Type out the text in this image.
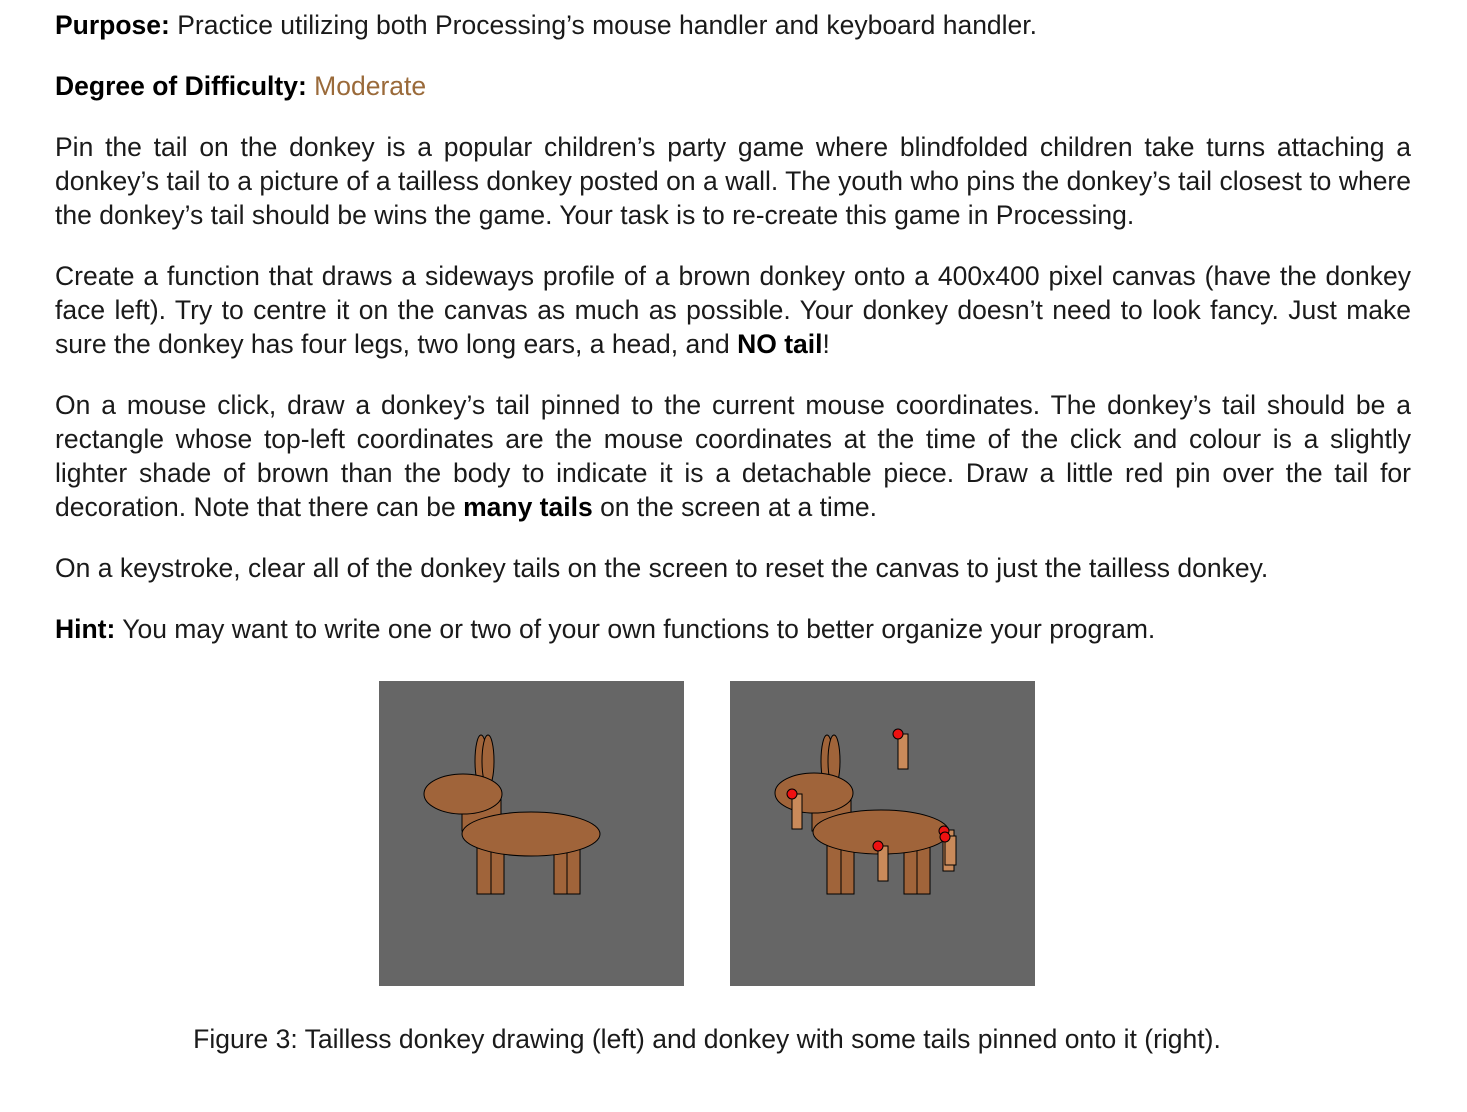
Purpose: Practice utilizing both Processing’s mouse handler and keyboard handler.

Degree of Difficulty: Moderate

Pin the tail on the donkey is a popular children’s party game where blindfolded children take turns attaching a donkey’s tail to a picture of a tailless donkey posted on a wall. The youth who pins the donkey’s tail closest to where the donkey’s tail should be wins the game. Your task is to re-create this game in Processing.

Create a function that draws a sideways profile of a brown donkey onto a 400x400 pixel canvas (have the donkey face left). Try to centre it on the canvas as much as possible. Your donkey doesn’t need to look fancy. Just make sure the donkey has four legs, two long ears, a head, and NO tail!

On a mouse click, draw a donkey’s tail pinned to the current mouse coordinates. The donkey’s tail should be a rectangle whose top-left coordinates are the mouse coordinates at the time of the click and colour is a slightly lighter shade of brown than the body to indicate it is a detachable piece. Draw a little red pin over the tail for decoration. Note that there can be many tails on the screen at a time.

On a keystroke, clear all of the donkey tails on the screen to reset the canvas to just the tailless donkey.

Hint: You may want to write one or two of your own functions to better organize your program.

Figure 3: Tailless donkey drawing (left) and donkey with some tails pinned onto it (right).
